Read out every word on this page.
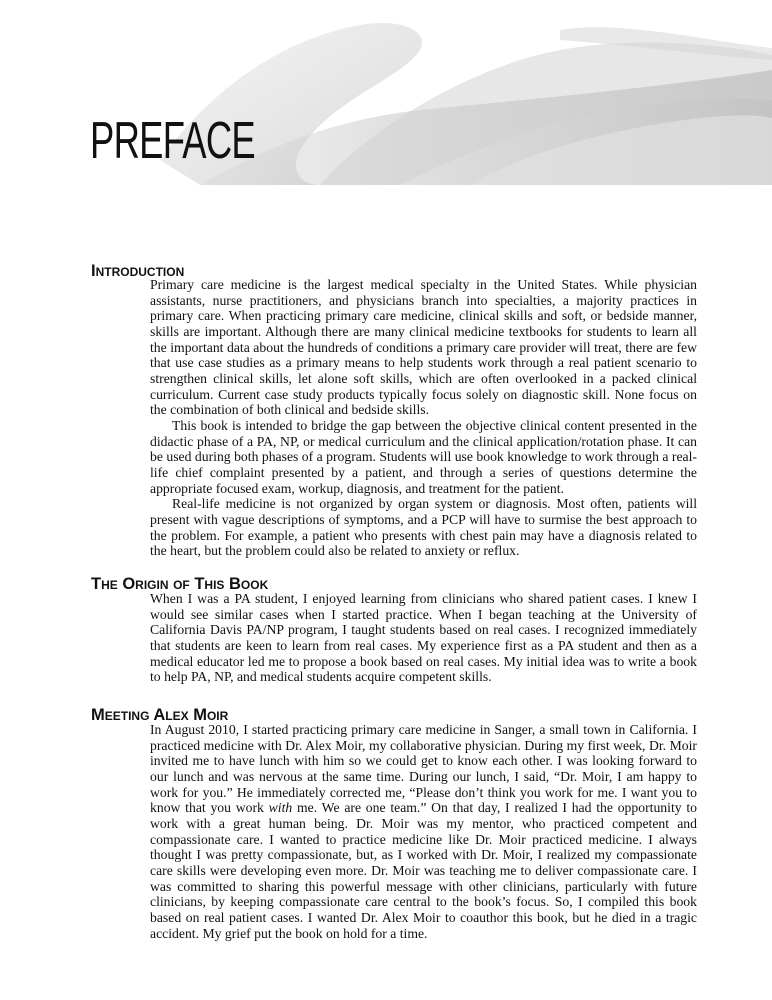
PREFACE
Introduction

Primary care medicine is the largest medical specialty in the United States. While physician assistants, nurse practitioners, and physicians branch into specialties, a majority practices in primary care. When practicing primary care medicine, clinical skills and soft, or bedside manner, skills are important. Although there are many clinical medicine textbooks for students to learn all the important data about the hundreds of conditions a primary care provider will treat, there are few that use case studies as a primary means to help students work through a real patient scenario to strengthen clinical skills, let alone soft skills, which are often overlooked in a packed clinical curriculum. Current case study products typically focus solely on diagnostic skill. None focus on the combination of both clinical and bedside skills.

This book is intended to bridge the gap between the objective clinical content presented in the didactic phase of a PA, NP, or medical curriculum and the clinical application/rotation phase. It can be used during both phases of a program. Students will use book knowledge to work through a real-life chief complaint presented by a patient, and through a series of questions determine the appropriate focused exam, workup, diagnosis, and treatment for the patient.

Real-life medicine is not organized by organ system or diagnosis. Most often, patients will present with vague descriptions of symptoms, and a PCP will have to surmise the best approach to the problem. For example, a patient who presents with chest pain may have a diagnosis related to the heart, but the problem could also be related to anxiety or reflux.

The Origin of This Book

When I was a PA student, I enjoyed learning from clinicians who shared patient cases. I knew I would see similar cases when I started practice. When I began teaching at the University of California Davis PA/NP program, I taught students based on real cases. I recognized immediately that students are keen to learn from real cases. My experience first as a PA student and then as a medical educator led me to propose a book based on real cases. My initial idea was to write a book to help PA, NP, and medical students acquire competent skills.

Meeting Alex Moir

In August 2010, I started practicing primary care medicine in Sanger, a small town in California. I practiced medicine with Dr. Alex Moir, my collaborative physician. During my first week, Dr. Moir invited me to have lunch with him so we could get to know each other. I was looking forward to our lunch and was nervous at the same time. During our lunch, I said, “Dr. Moir, I am happy to work for you.” He immediately corrected me, “Please don’t think you work for me. I want you to know that you work with me. We are one team.” On that day, I realized I had the opportunity to work with a great human being. Dr. Moir was my mentor, who practiced competent and compassionate care. I wanted to practice medicine like Dr. Moir practiced medicine. I always thought I was pretty compassionate, but, as I worked with Dr. Moir, I realized my compassionate care skills were developing even more. Dr. Moir was teaching me to deliver compassionate care. I was committed to sharing this powerful message with other clinicians, particularly with future clinicians, by keeping compassionate care central to the book’s focus. So, I compiled this book based on real patient cases. I wanted Dr. Alex Moir to coauthor this book, but he died in a tragic accident. My grief put the book on hold for a time.
